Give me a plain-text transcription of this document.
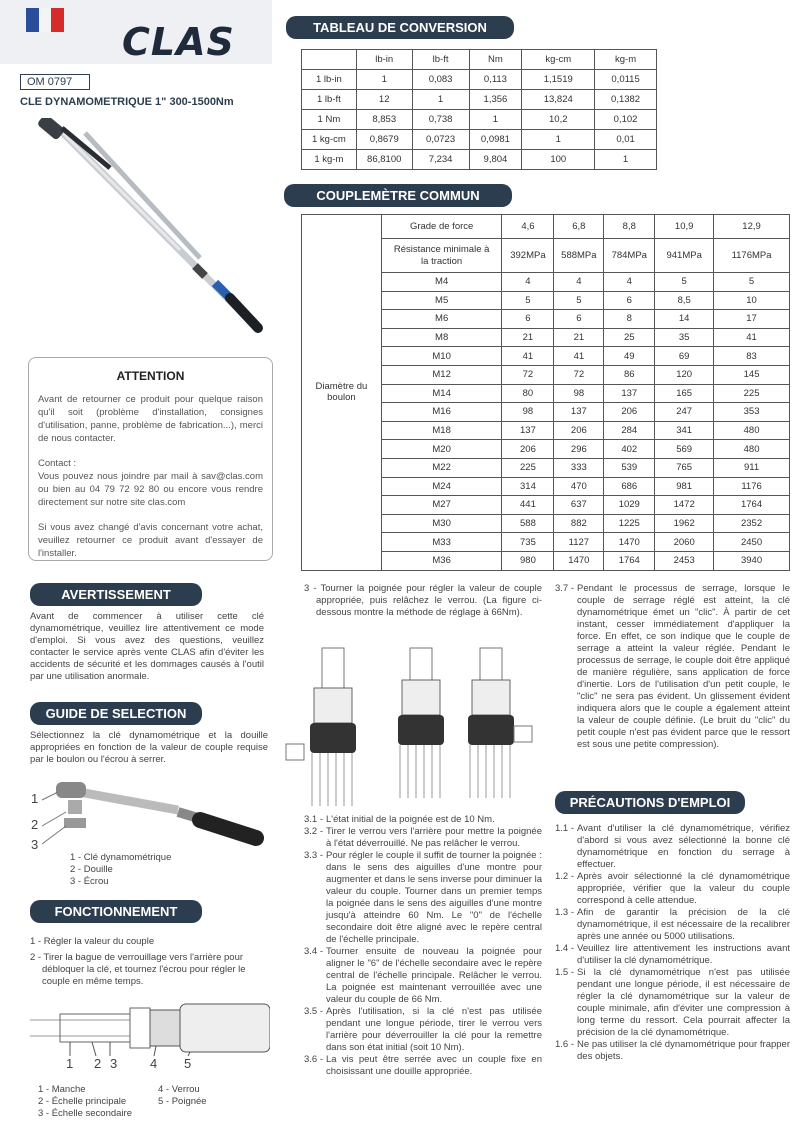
CLAS
OM 0797
CLE DYNAMOMETRIQUE 1" 300-1500Nm
ATTENTION

Avant de retourner ce produit pour quelque raison qu'il soit (problème d'installation, consignes d'utilisation, panne, problème de fabrication...), merci de nous contacter.

Contact :

Vous pouvez nous joindre par mail à sav@clas.com ou bien au 04 79 72 92 80 ou encore vous rendre directement sur notre site clas.com

Si vous avez changé d'avis concernant votre achat, veuillez retourner ce produit avant d'essayer de l'installer.

TABLEAU DE CONVERSION
	lb-in	lb-ft	Nm	kg-cm	kg-m
1 lb-in	1	0,083	0,113	1,1519	0,0115
1 lb-ft	12	1	1,356	13,824	0,1382
1 Nm	8,853	0,738	1	10,2	0,102
1 kg-cm	0,8679	0,0723	0,0981	1	0,01
1 kg-m	86,8100	7,234	9,804	100	1
COUPLEMÈTRE COMMUN
Diamètre du boulon	Grade de force	4,6	6,8	8,8	10,9	12,9
	Résistance minimale à la traction	392MPa	588MPa	784MPa	941MPa	1176MPa
	M4	4	4	4	5	5
	M5	5	5	6	8,5	10
	M6	6	6	8	14	17
	M8	21	21	25	35	41
	M10	41	41	49	69	83
	M12	72	72	86	120	145
	M14	80	98	137	165	225
	M16	98	137	206	247	353
	M18	137	206	284	341	480
	M20	206	296	402	569	480
	M22	225	333	539	765	911
	M24	314	470	686	981	1176
	M27	441	637	1029	1472	1764
	M30	588	882	1225	1962	2352
	M33	735	1127	1470	2060	2450
	M36	980	1470	1764	2453	3940
AVERTISSEMENT
Avant de commencer à utiliser cette clé dynamométrique, veuillez lire attentivement ce mode d'emploi. Si vous avez des questions, veuillez contacter le service après vente CLAS afin d'éviter les accidents de sécurité et les dommages causés à l'outil par une utilisation anormale.
GUIDE DE SELECTION
Sélectionnez la clé dynamométrique et la douille appropriées en fonction de la valeur de couple requise par le boulon ou l'écrou à serrer.
1
2
3
1 - Clé dynamométrique
2 - Douille
3 - Écrou
FONCTIONNEMENT
1 - Régler la valeur du couple
2 - Tirer la bague de verrouillage vers l'arrière pour débloquer la clé, et tournez l'écrou pour régler le couple en même temps.
1 2 3	4 5
1 - Manche
2 - Échelle principale
3 - Échelle secondaire
4 - Verrou
5 - Poignée
3 - Tourner la poignée pour régler la valeur de couple appropriée, puis relâchez le verrou. (La figure ci-dessous montre la méthode de réglage à 66Nm).
3.1 - L'état initial de la poignée est de 10 Nm.
3.2 - Tirer le verrou vers l'arrière pour mettre la poignée à l'état déverrouillé. Ne pas relâcher le verrou.
3.3 - Pour régler le couple il suffit de tourner la poignée : dans le sens des aiguilles d'une montre pour augmenter et dans le sens inverse pour diminuer la valeur du couple. Tourner dans un premier temps la poignée dans le sens des aiguilles d'une montre jusqu'à atteindre 60 Nm. Le "0" de l'échelle secondaire doit être aligné avec le repère central de l'échelle principale.
3.4 - Tourner ensuite de nouveau la poignée pour aligner le "6" de l'échelle secondaire avec le repère central de l'échelle principale. Relâcher le verrou. La poignée est maintenant verrouillée avec une valeur du couple de 66 Nm.
3.5 - Après l'utilisation, si la clé n'est pas utilisée pendant une longue période, tirer le verrou vers l'arrière pour déverrouiller la clé pour la remettre dans son état initial (soit 10 Nm).
3.6 - La vis peut être serrée avec un couple fixe en choisissant une douille appropriée.
3.7 - Pendant le processus de serrage, lorsque le couple de serrage réglé est atteint, la clé dynamométrique émet un "clic". À partir de cet instant, cesser immédiatement d'appliquer la force. En effet, ce son indique que le couple de serrage a atteint la valeur réglée. Pendant le processus de serrage, le couple doit être appliqué de manière régulière, sans application de force d'inertie. Lors de l'utilisation d'un petit couple, le "clic" ne sera pas évident. Un glissement évident indiquera alors que le couple a également atteint la valeur de couple définie. (Le bruit du "clic" du petit couple n'est pas évident parce que le ressort est sous une petite compression).
PRÉCAUTIONS D'EMPLOI
1.1 - Avant d'utiliser la clé dynamométrique, vérifiez d'abord si vous avez sélectionné la bonne clé dynamométrique en fonction du serrage à effectuer.
1.2 - Après avoir sélectionné la clé dynamométrique appropriée, vérifier que la valeur du couple correspond à celle attendue.
1.3 - Afin de garantir la précision de la clé dynamométrique, il est nécessaire de la recalibrer après une année ou 5000 utilisations.
1.4 - Veuillez lire attentivement les instructions avant d'utiliser la clé dynamométrique.
1.5 - Si la clé dynamométrique n'est pas utilisée pendant une longue période, il est nécessaire de régler la clé dynamométrique sur la valeur de couple minimale, afin d'éviter une compression à long terme du ressort. Cela pourrait affecter la précision de la clé dynamométrique.
1.6 - Ne pas utiliser la clé dynamométrique pour frapper des objets.
